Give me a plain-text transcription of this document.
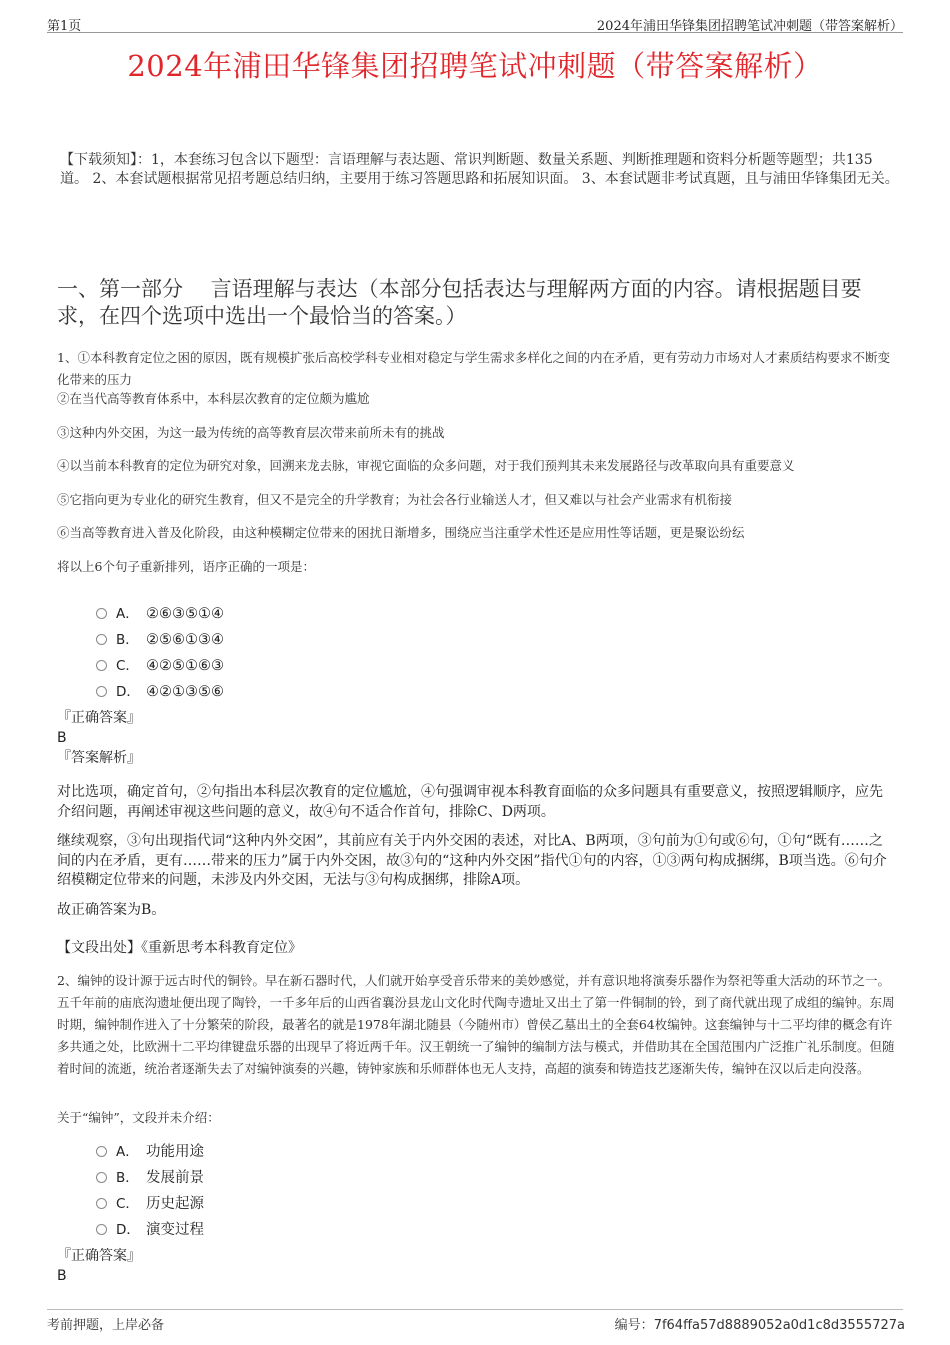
第1页	2024年浦田华锋集团招聘笔试冲刺题（带答案解析）
2024年浦田华锋集团招聘笔试冲刺题（带答案解析）
【下载须知】：1，本套练习包含以下题型：言语理解与表达题、常识判断题、数量关系题、判断推理题和资料分析题等题型；共135道。 2、本套试题根据常见招考题总结归纳，主要用于练习答题思路和拓展知识面。 3、本套试题非考试真题，且与浦田华锋集团无关。
一、第一部分　 言语理解与表达（本部分包括表达与理解两方面的内容。请根据题目要求，在四个选项中选出一个最恰当的答案。）

1、①本科教育定位之困的原因，既有规模扩张后高校学科专业相对稳定与学生需求多样化之间的内在矛盾，更有劳动力市场对人才素质结构要求不断变化带来的压力

②在当代高等教育体系中，本科层次教育的定位颇为尴尬

③这种内外交困，为这一最为传统的高等教育层次带来前所未有的挑战

④以当前本科教育的定位为研究对象，回溯来龙去脉，审视它面临的众多问题，对于我们预判其未来发展路径与改革取向具有重要意义

⑤它指向更为专业化的研究生教育，但又不是完全的升学教育；为社会各行业输送人才，但又难以与社会产业需求有机衔接

⑥当高等教育进入普及化阶段，由这种模糊定位带来的困扰日渐增多，围绕应当注重学术性还是应用性等话题，更是聚讼纷纭

将以上6个句子重新排列，语序正确的一项是：

A． ②⑥③⑤①④
B． ②⑤⑥①③④
C． ④②⑤①⑥③
D． ④②①③⑤⑥
『正确答案』
B
『答案解析』

对比选项，确定首句，②句指出本科层次教育的定位尴尬，④句强调审视本科教育面临的众多问题具有重要意义，按照逻辑顺序，应先介绍问题，再阐述审视这些问题的意义，故④句不适合作首句，排除C、D两项。

继续观察，③句出现指代词“这种内外交困”，其前应有关于内外交困的表述，对比A、B两项，③句前为①句或⑥句，①句“既有……之间的内在矛盾，更有……带来的压力”属于内外交困，故③句的“这种内外交困”指代①句的内容，①③两句构成捆绑，B项当选。⑥句介绍模糊定位带来的问题，未涉及内外交困，无法与③句构成捆绑，排除A项。

故正确答案为B。

【文段出处】《重新思考本科教育定位》

2、编钟的设计源于远古时代的铜铃。早在新石器时代，人们就开始享受音乐带来的美妙感觉，并有意识地将演奏乐器作为祭祀等重大活动的环节之一。五千年前的庙底沟遗址便出现了陶铃，一千多年后的山西省襄汾县龙山文化时代陶寺遗址又出土了第一件铜制的铃，到了商代就出现了成组的编钟。东周时期，编钟制作进入了十分繁荣的阶段，最著名的就是1978年湖北随县（今随州市）曾侯乙墓出土的全套64枚编钟。这套编钟与十二平均律的概念有许多共通之处，比欧洲十二平均律键盘乐器的出现早了将近两千年。汉王朝统一了编钟的编制方法与模式，并借助其在全国范围内广泛推广礼乐制度。但随着时间的流逝，统治者逐渐失去了对编钟演奏的兴趣，铸钟家族和乐师群体也无人支持，高超的演奏和铸造技艺逐渐失传，编钟在汉以后走向没落。

关于“编钟”，文段并未介绍：
A． 功能用途
B． 发展前景
C． 历史起源
D． 演变过程
『正确答案』
B
考前押题，上岸必备	编号：7f64ffa57d8889052a0d1c8d3555727a
